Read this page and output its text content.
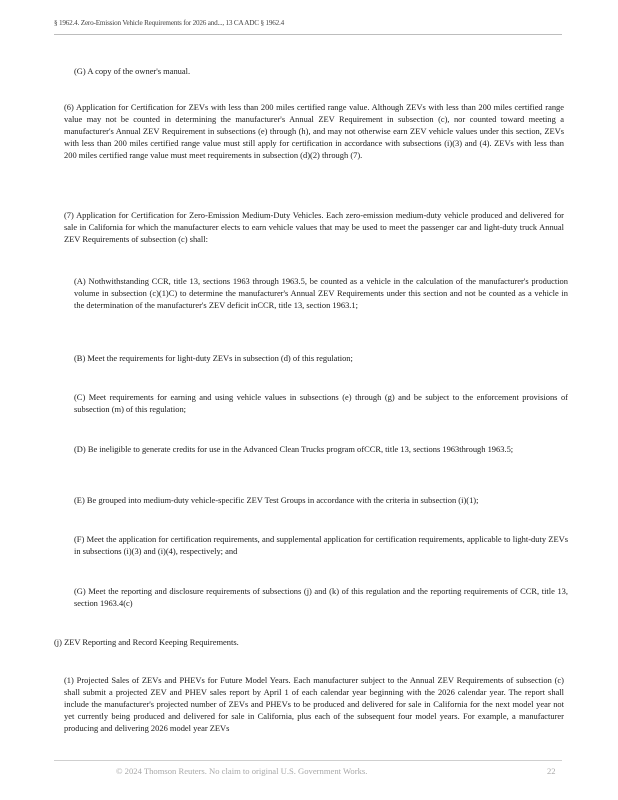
§ 1962.4. Zero-Emission Vehicle Requirements for 2026 and..., 13 CA ADC § 1962.4

(G) A copy of the owner's manual.

(6) Application for Certification for ZEVs with less than 200 miles certified range value. Although ZEVs with less than 200 miles certified range value may not be counted in determining the manufacturer's Annual ZEV Requirement in subsection (c), nor counted toward meeting a manufacturer's Annual ZEV Requirement in subsections (e) through (h), and may not otherwise earn ZEV vehicle values under this section, ZEVs with less than 200 miles certified range value must still apply for certification in accordance with subsections (i)(3) and (4). ZEVs with less than 200 miles certified range value must meet requirements in subsection (d)(2) through (7).

(7) Application for Certification for Zero-Emission Medium-Duty Vehicles. Each zero-emission medium-duty vehicle produced and delivered for sale in California for which the manufacturer elects to earn vehicle values that may be used to meet the passenger car and light-duty truck Annual ZEV Requirements of subsection (c) shall:

(A) Nothwithstanding CCR, title 13, sections 1963 through 1963.5, be counted as a vehicle in the calculation of the manufacturer's production volume in subsection (c)(1)C) to determine the manufacturer's Annual ZEV Requirements under this section and not be counted as a vehicle in the determination of the manufacturer's ZEV deficit inCCR, title 13, section 1963.1;

(B) Meet the requirements for light-duty ZEVs in subsection (d) of this regulation;

(C) Meet requirements for earning and using vehicle values in subsections (e) through (g) and be subject to the enforcement provisions of subsection (m) of this regulation;

(D) Be ineligible to generate credits for use in the Advanced Clean Trucks program ofCCR, title 13, sections 1963through 1963.5;

(E) Be grouped into medium-duty vehicle-specific ZEV Test Groups in accordance with the criteria in subsection (i)(1);

(F) Meet the application for certification requirements, and supplemental application for certification requirements, applicable to light-duty ZEVs in subsections (i)(3) and (i)(4), respectively; and

(G) Meet the reporting and disclosure requirements of subsections (j) and (k) of this regulation and the reporting requirements of CCR, title 13, section 1963.4(c)

(j) ZEV Reporting and Record Keeping Requirements.

(1) Projected Sales of ZEVs and PHEVs for Future Model Years. Each manufacturer subject to the Annual ZEV Requirements of subsection (c) shall submit a projected ZEV and PHEV sales report by April 1 of each calendar year beginning with the 2026 calendar year. The report shall include the manufacturer's projected number of ZEVs and PHEVs to be produced and delivered for sale in California for the next model year not yet currently being produced and delivered for sale in California, plus each of the subsequent four model years. For example, a manufacturer producing and delivering 2026 model year ZEVs

© 2024 Thomson Reuters. No claim to original U.S. Government Works.	22
